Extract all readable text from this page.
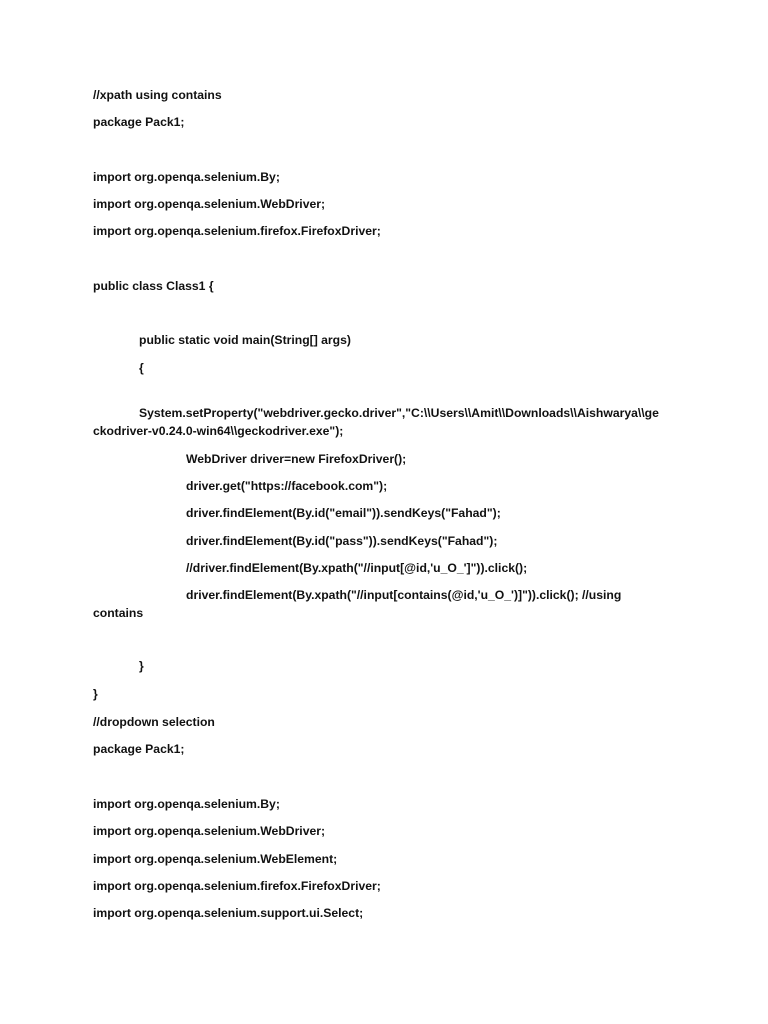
//xpath using contains

package Pack1;

import org.openqa.selenium.By;

import org.openqa.selenium.WebDriver;

import org.openqa.selenium.firefox.FirefoxDriver;

public class Class1 {

public static void main(String[] args)

{

System.setProperty("webdriver.gecko.driver","C:\\Users\\Amit\\Downloads\\Aishwarya\\ge

ckodriver-v0.24.0-win64\\geckodriver.exe");

WebDriver driver=new FirefoxDriver();

driver.get("https://facebook.com");

driver.findElement(By.id("email")).sendKeys("Fahad");

driver.findElement(By.id("pass")).sendKeys("Fahad");

//driver.findElement(By.xpath("//input[@id,'u_O_']")).click();

driver.findElement(By.xpath("//input[contains(@id,'u_O_')]")).click(); //using

contains

}

}

//dropdown selection

package Pack1;

import org.openqa.selenium.By;

import org.openqa.selenium.WebDriver;

import org.openqa.selenium.WebElement;

import org.openqa.selenium.firefox.FirefoxDriver;

import org.openqa.selenium.support.ui.Select;
